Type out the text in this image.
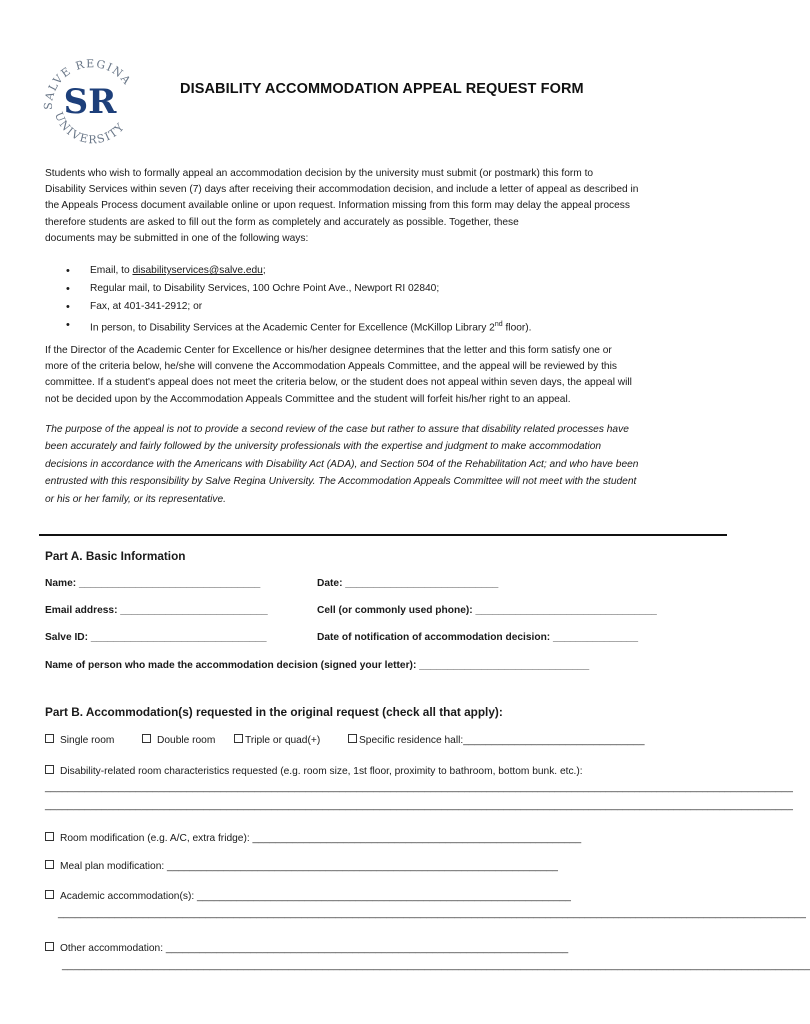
SALVE REGINA
UNIVERSITY
SR	DISABILITY ACCOMMODATION APPEAL REQUEST FORM
Students who wish to formally appeal an accommodation decision by the university must submit (or postmark) this form to
Disability Services within seven (7) days after receiving their accommodation decision, and include a letter of appeal as described in
the Appeals Process document available online or upon request. Information missing from this form may delay the appeal process
therefore students are asked to fill out the form as completely and accurately as possible. Together, these
documents may be submitted in one of the following ways:
• Email, to disabilityservices@salve.edu;
• Regular mail, to Disability Services, 100 Ochre Point Ave., Newport RI 02840;
• Fax, at 401-341-2912; or
• In person, to Disability Services at the Academic Center for Excellence (McKillop Library 2nd floor).
If the Director of the Academic Center for Excellence or his/her designee determines that the letter and this form satisfy one or
more of the criteria below, he/she will convene the Accommodation Appeals Committee, and the appeal will be reviewed by this
committee. If a student's appeal does not meet the criteria below, or the student does not appeal within seven days, the appeal will
not be decided upon by the Accommodation Appeals Committee and the student will forfeit his/her right to an appeal.
The purpose of the appeal is not to provide a second review of the case but rather to assure that disability related processes have
been accurately and fairly followed by the university professionals with the expertise and judgment to make accommodation
decisions in accordance with the Americans with Disability Act (ADA), and Section 504 of the Rehabilitation Act; and who have been
entrusted with this responsibility by Salve Regina University. The Accommodation Appeals Committee will not meet with the student
or his or her family, or its representative.
Part A. Basic Information
Name: ________________________________	Date: ___________________________
Email address: __________________________	Cell (or commonly used phone): ________________________________
Salve ID: _______________________________	Date of notification of accommodation decision: _______________
Name of person who made the accommodation decision (signed your letter): ______________________________
Part B. Accommodation(s) requested in the original request (check all that apply):
Single room	Double room	Triple or quad(+)	Specific residence hall:________________________________
Disability-related room characteristics requested (e.g. room size, 1st floor, proximity to bathroom, bottom bunk. etc.):
____________________________________________________________________________________________________________________________________
____________________________________________________________________________________________________________________________________
Room modification (e.g. A/C, extra fridge): __________________________________________________________
Meal plan modification: _____________________________________________________________________
Academic accommodation(s): __________________________________________________________________
____________________________________________________________________________________________________________________________________
Other accommodation: _______________________________________________________________________
____________________________________________________________________________________________________________________________________
